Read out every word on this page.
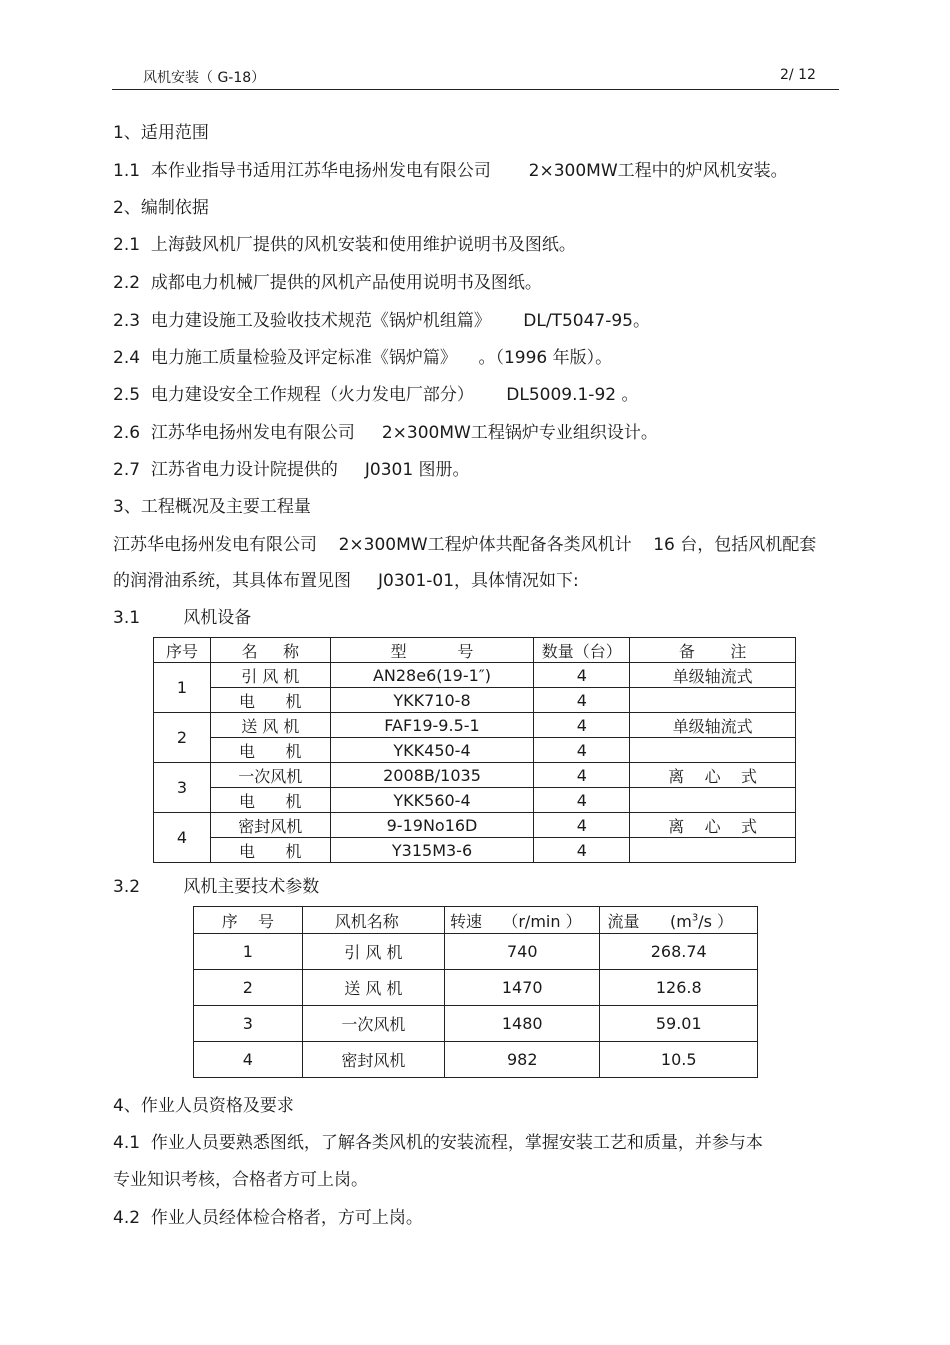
风机安装（ G-18）	2/ 12
1、适用范围
1.1  本作业指导书适用江苏华电扬州发电有限公司       2×300MW工程中的炉风机安装。
2、编制依据
2.1  上海鼓风机厂提供的风机安装和使用维护说明书及图纸。
2.2  成都电力机械厂提供的风机产品使用说明书及图纸。
2.3  电力建设施工及验收技术规范《锅炉机组篇》      DL/T5047-95。
2.4  电力施工质量检验及评定标准《锅炉篇》    。（1996 年版）。
2.5  电力建设安全工作规程（火力发电厂部分）      DL5009.1-92 。
2.6  江苏华电扬州发电有限公司     2×300MW工程锅炉专业组织设计。
2.7  江苏省电力设计院提供的     J0301 图册。
3、工程概况及主要工程量
江苏华电扬州发电有限公司    2×300MW工程炉体共配备各类风机计    16 台，包括风机配套
的润滑油系统，其具体布置见图     J0301-01，具体情况如下:
3.1        风机设备
序号	名     称	型          号	数量（台）	备       注
1	引 风 机	AN28e6(19-1″)	4	单级轴流式
	电      机	YKK710-8	4	
2	送 风 机	FAF19-9.5-1	4	单级轴流式
	电      机	YKK450-4	4	
3	一次风机	2008B/1035	4	离    心    式
	电      机	YKK560-4	4	
4	密封风机	9-19No16D	4	离    心    式
	电      机	Y315M3-6	4	
3.2        风机主要技术参数
序    号	风机名称	转速    （r/min ）	流量      ($m^3/s$ ）
1	引 风 机	740	268.74
2	送 风 机	1470	126.8
3	一次风机	1480	59.01
4	密封风机	982	10.5
4、作业人员资格及要求
4.1  作业人员要熟悉图纸，了解各类风机的安装流程，掌握安装工艺和质量，并参与本
专业知识考核，合格者方可上岗。
4.2  作业人员经体检合格者，方可上岗。
